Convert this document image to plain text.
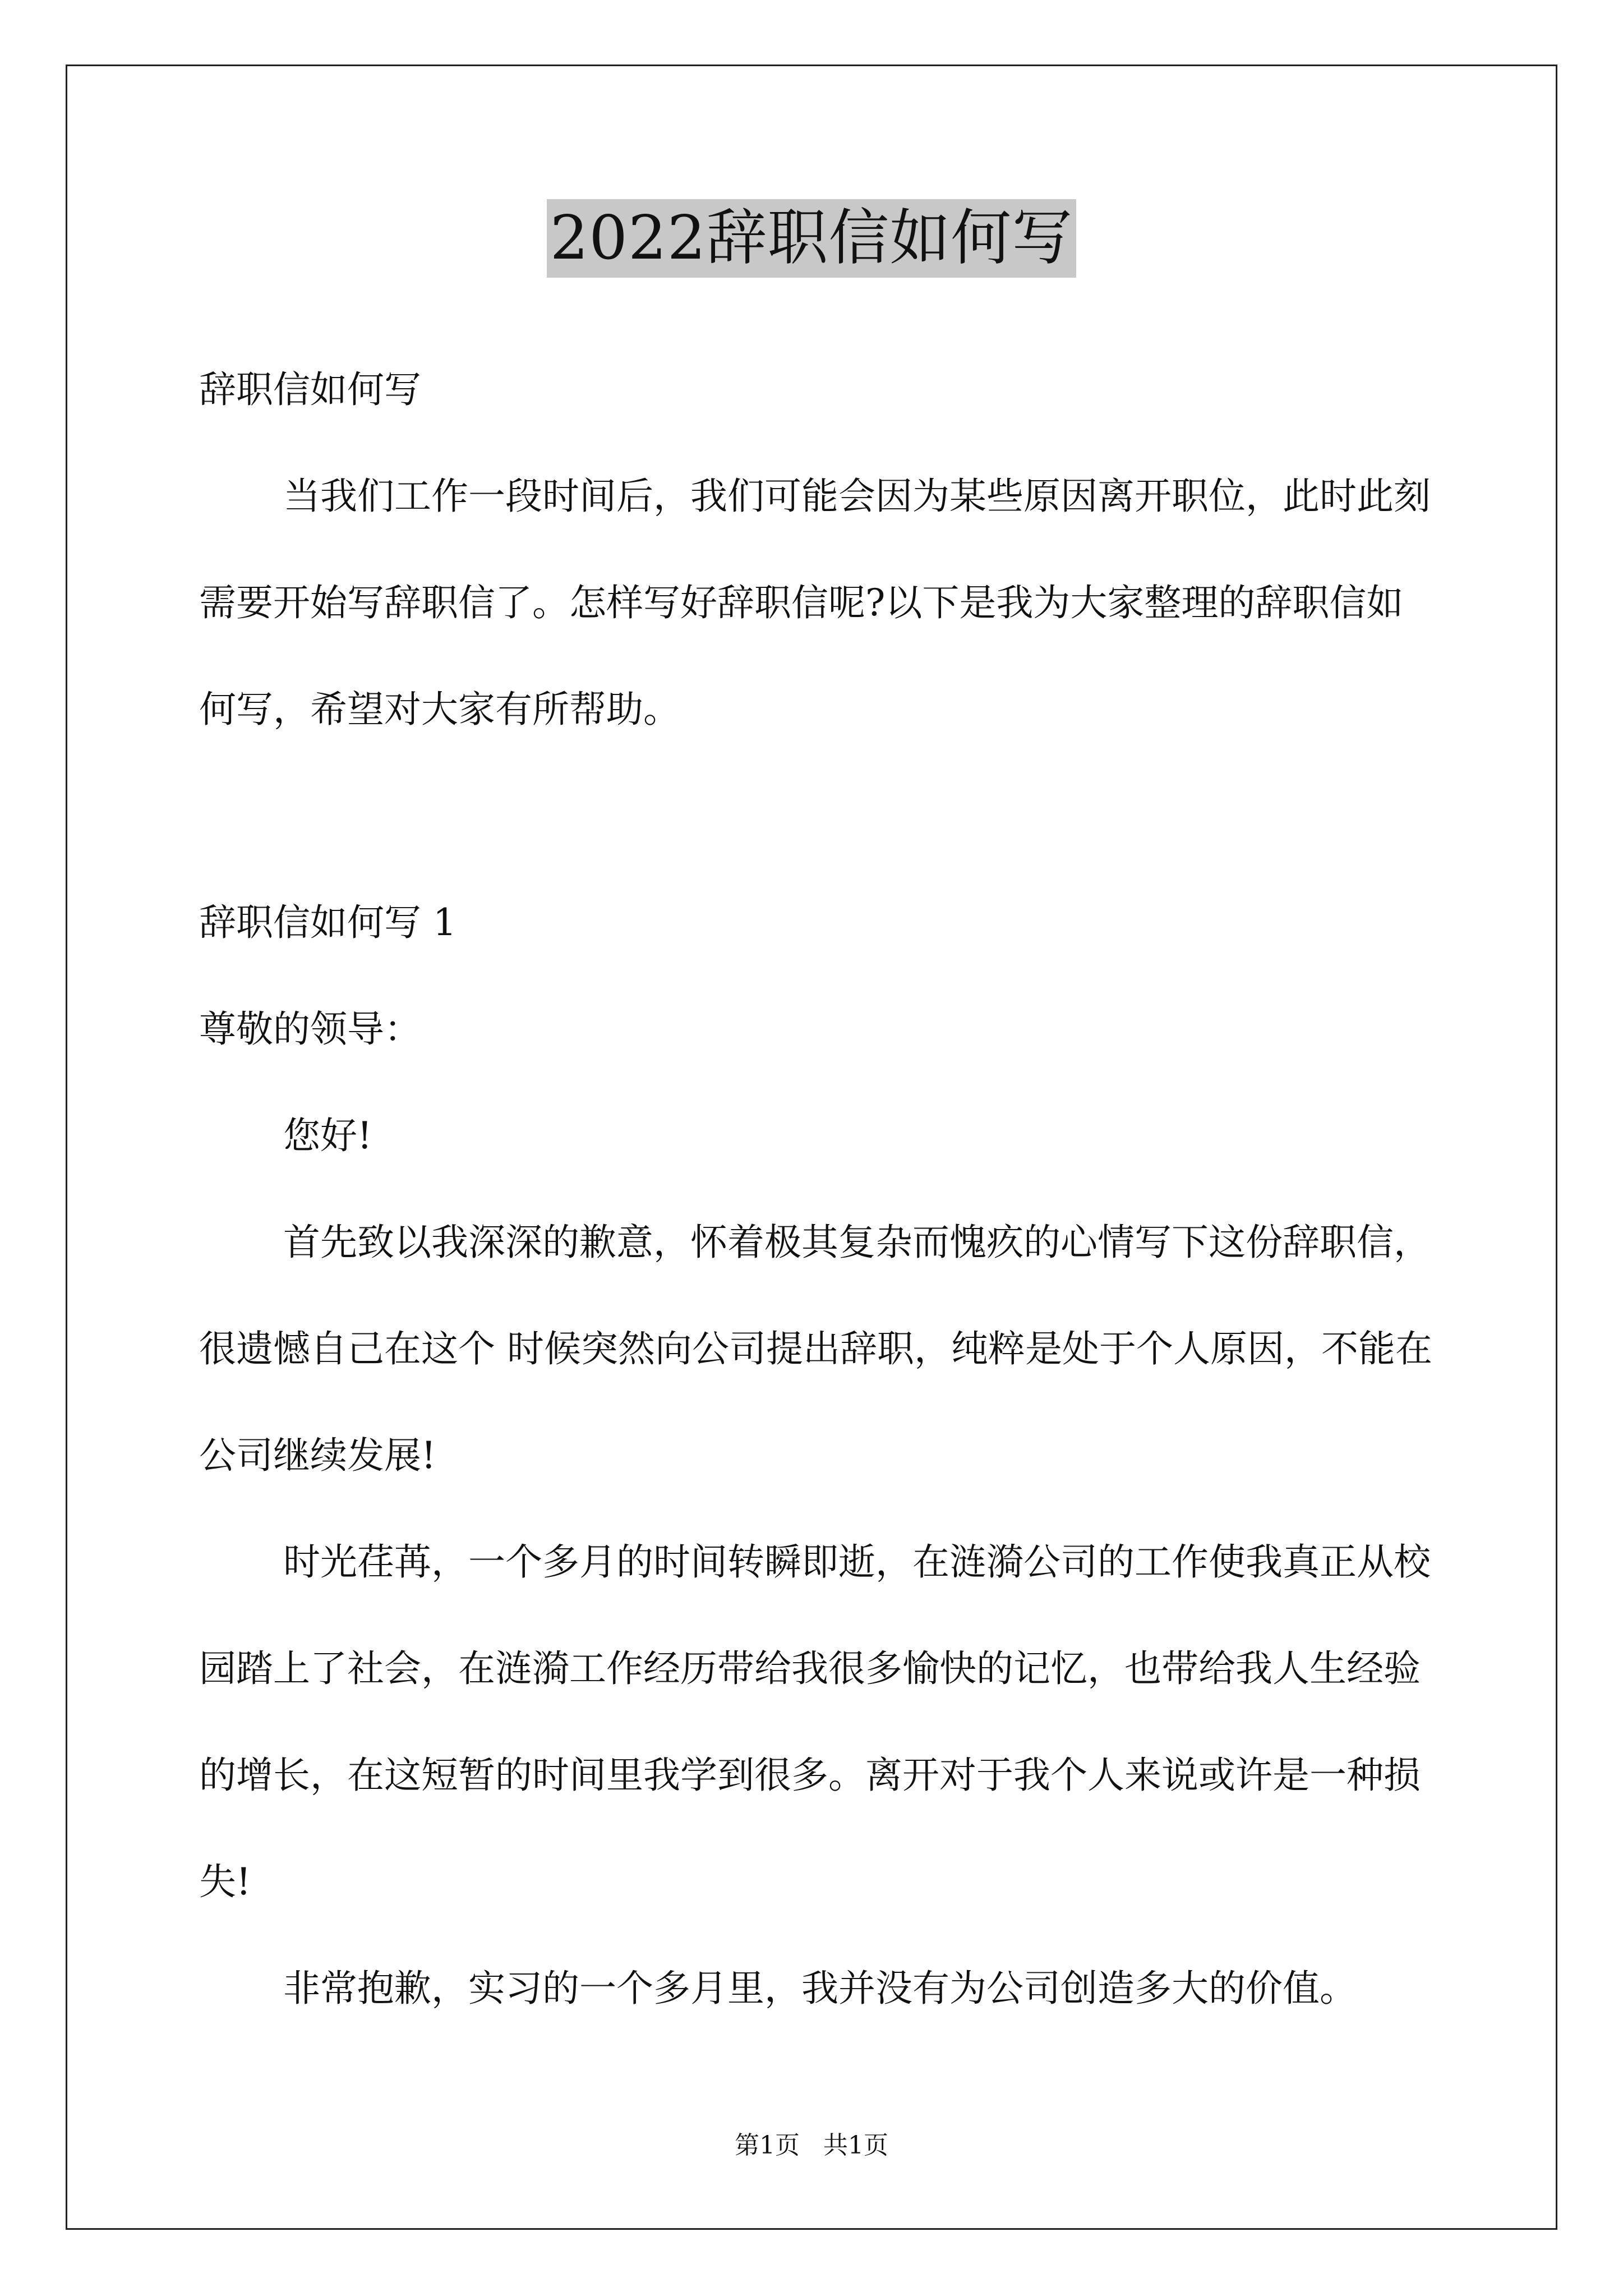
2022辞职信如何写

辞职信如何写

当我们工作一段时间后，我们可能会因为某些原因离开职位，此时此刻需要开始写辞职信了。怎样写好辞职信呢?以下是我为大家整理的辞职信如何写，希望对大家有所帮助。

辞职信如何写 1

尊敬的领导：

您好!

首先致以我深深的歉意，怀着极其复杂而愧疚的心情写下这份辞职信，很遗憾自己在这个 时候突然向公司提出辞职，纯粹是处于个人原因，不能在公司继续发展!

时光荏苒，一个多月的时间转瞬即逝，在涟漪公司的工作使我真正从校园踏上了社会，在涟漪工作经历带给我很多愉快的记忆，也带给我人生经验的增长，在这短暂的时间里我学到很多。离开对于我个人来说或许是一种损失!

非常抱歉，实习的一个多月里，我并没有为公司创造多大的价值。

第1页 共1页
